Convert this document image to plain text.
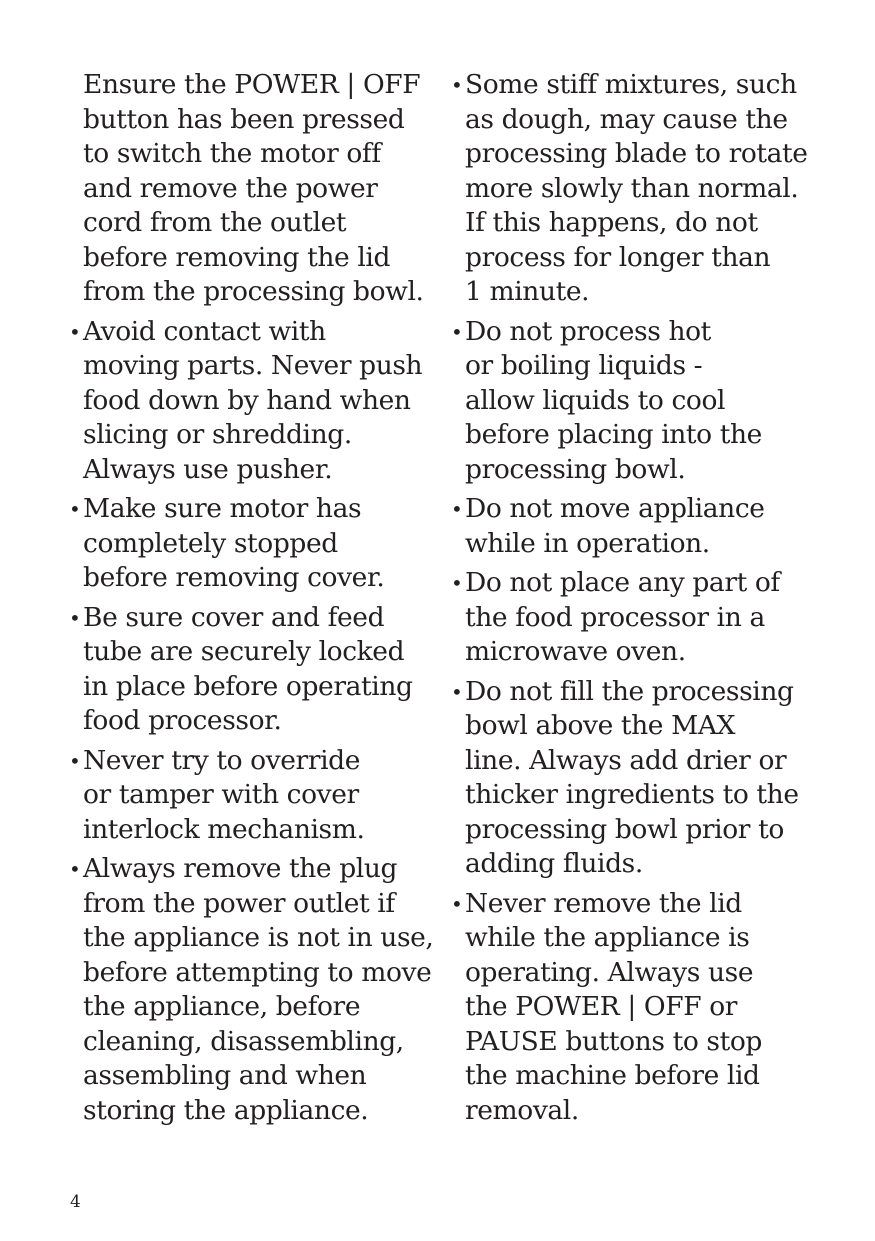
Ensure the POWER | OFF
button has been pressed
to switch the motor off
and remove the power
cord from the outlet
before removing the lid
from the processing bowl.
• Avoid contact with
moving parts. Never push
food down by hand when
slicing or shredding.
Always use pusher.
• Make sure motor has
completely stopped
before removing cover.
• Be sure cover and feed
tube are securely locked
in place before operating
food processor.
• Never try to override
or tamper with cover
interlock mechanism.
• Always remove the plug
from the power outlet if
the appliance is not in use,
before attempting to move
the appliance, before
cleaning, disassembling,
assembling and when
storing the appliance.
• Some stiff mixtures, such
as dough, may cause the
processing blade to rotate
more slowly than normal.
If this happens, do not
process for longer than
1 minute.
• Do not process hot
or boiling liquids -
allow liquids to cool
before placing into the
processing bowl.
• Do not move appliance
while in operation.
• Do not place any part of
the food processor in a
microwave oven.
• Do not fill the processing
bowl above the MAX
line. Always add drier or
thicker ingredients to the
processing bowl prior to
adding fluids.
• Never remove the lid
while the appliance is
operating. Always use
the POWER | OFF or
PAUSE buttons to stop
the machine before lid
removal.
4
